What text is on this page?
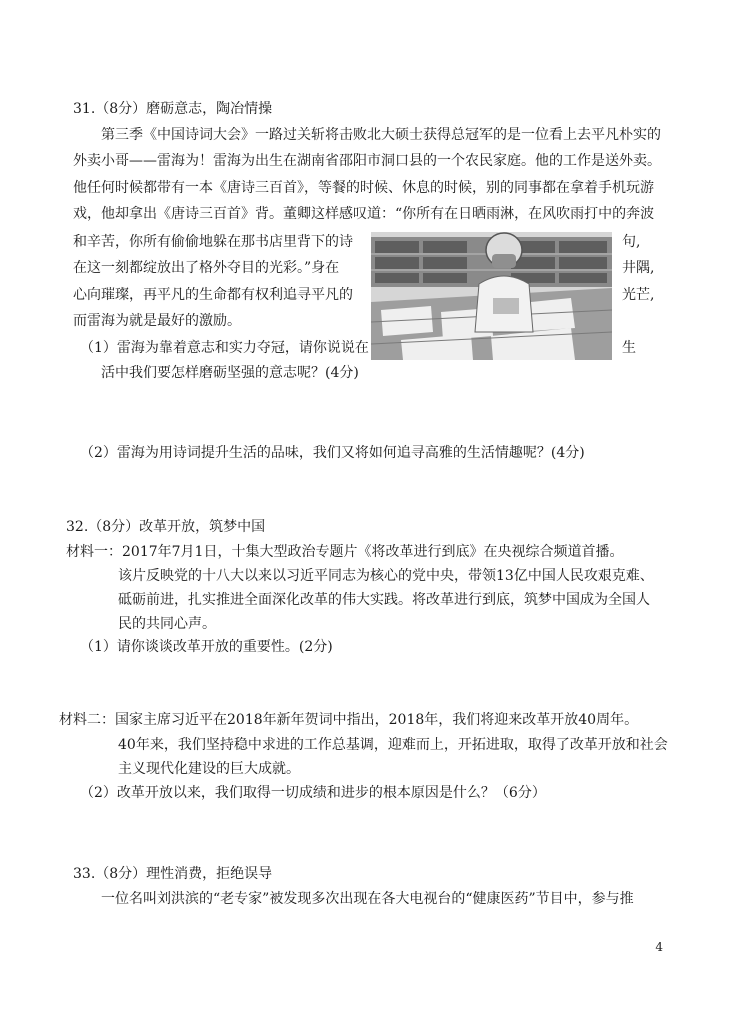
31.（8分）磨砺意志，陶冶情操
第三季《中国诗词大会》一路过关斩将击败北大硕士获得总冠军的是一位看上去平凡朴实的
外卖小哥——雷海为！雷海为出生在湖南省邵阳市洞口县的一个农民家庭。他的工作是送外卖。
他任何时候都带有一本《唐诗三百首》，等餐的时候、休息的时候，别的同事都在拿着手机玩游
戏，他却拿出《唐诗三百首》背。董卿这样感叹道：“你所有在日晒雨淋，在风吹雨打中的奔波
和辛苦，你所有偷偷地躲在那书店里背下的诗
在这一刻都绽放出了格外夺目的光彩。”身在
心向璀璨，再平凡的生命都有权利追寻平凡的
而雷海为就是最好的激励。
（1）雷海为靠着意志和实力夺冠，请你说说在
活中我们要怎样磨砺坚强的意志呢？(4分)
（2）雷海为用诗词提升生活的品味，我们又将如何追寻高雅的生活情趣呢？(4分)
句,
井隅,
光芒,
生
32.（8分）改革开放，筑梦中国
材料一：2017年7月1日，十集大型政治专题片《将改革进行到底》在央视综合频道首播。
该片反映党的十八大以来以习近平同志为核心的党中央，带领13亿中国人民攻艰克难、
砥砺前进，扎实推进全面深化改革的伟大实践。将改革进行到底，筑梦中国成为全国人
民的共同心声。
（1）请你谈谈改革开放的重要性。(2分)
材料二：国家主席习近平在2018年新年贺词中指出，2018年，我们将迎来改革开放40周年。
40年来，我们坚持稳中求进的工作总基调，迎难而上，开拓进取，取得了改革开放和社会
主义现代化建设的巨大成就。
（2）改革开放以来，我们取得一切成绩和进步的根本原因是什么？（6分）
33.（8分）理性消费，拒绝误导
一位名叫刘洪滨的“老专家”被发现多次出现在各大电视台的“健康医药”节目中，参与推
4
